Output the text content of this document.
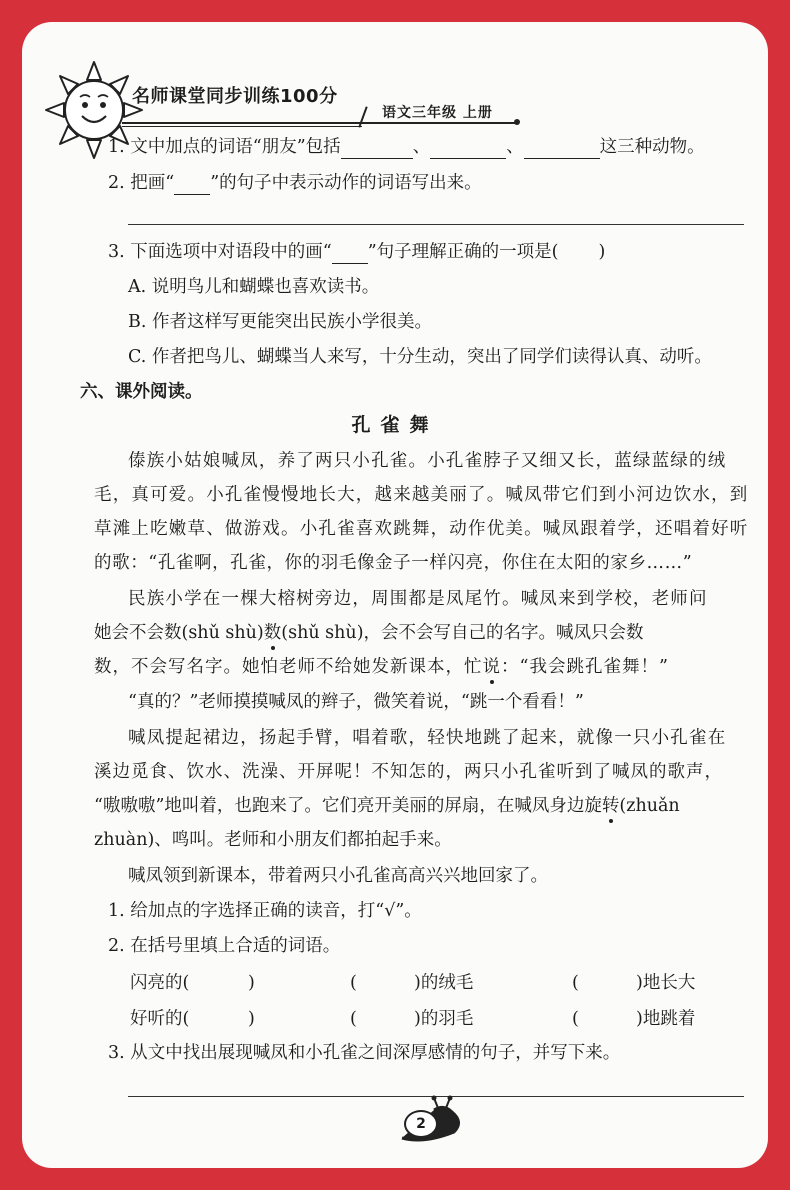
名师课堂同步训练100分
语文三年级 上册
1. 文中加点的词语“朋友”包括	、	、	这三种动物。
2. 把画“ ”的句子中表示动作的词语写出来。
3. 下面选项中对语段中的画“ ”句子理解正确的一项是( )
A. 说明鸟儿和蝴蝶也喜欢读书。
B. 作者这样写更能突出民族小学很美。
C. 作者把鸟儿、蝴蝶当人来写，十分生动，突出了同学们读得认真、动听。
六、课外阅读。
孔雀舞
傣族小姑娘喊凤，养了两只小孔雀。小孔雀脖子又细又长，蓝绿蓝绿的绒
毛，真可爱。小孔雀慢慢地长大，越来越美丽了。喊凤带它们到小河边饮水，到
草滩上吃嫩草、做游戏。小孔雀喜欢跳舞，动作优美。喊凤跟着学，还唱着好听
的歌：“孔雀啊，孔雀，你的羽毛像金子一样闪亮，你住在太阳的家乡……”
民族小学在一棵大榕树旁边，周围都是凤尾竹。喊凤来到学校，老师问
她会不会数(shǔ shù)数(shǔ shù)，会不会写自己的名字。喊凤只会数
数，不会写名字。她怕老师不给她发新课本，忙说：“我会跳孔雀舞！”
“真的？”老师摸摸喊凤的辫子，微笑着说，“跳一个看看！”
喊凤提起裙边，扬起手臂，唱着歌，轻快地跳了起来，就像一只小孔雀在
溪边觅食、饮水、洗澡、开屏呢！不知怎的，两只小孔雀听到了喊凤的歌声，
“嗷嗷嗷”地叫着，也跑来了。它们亮开美丽的屏扇，在喊凤身边旋转(zhuǎn
zhuàn)、鸣叫。老师和小朋友们都拍起手来。
喊凤领到新课本，带着两只小孔雀高高兴兴地回家了。
1. 给加点的字选择正确的读音，打“√”。
2. 在括号里填上合适的词语。
闪亮的(	)	(	)的绒毛	(	)地长大
好听的(	)	(	)的羽毛	(	)地跳着
3. 从文中找出展现喊凤和小孔雀之间深厚感情的句子，并写下来。
2
